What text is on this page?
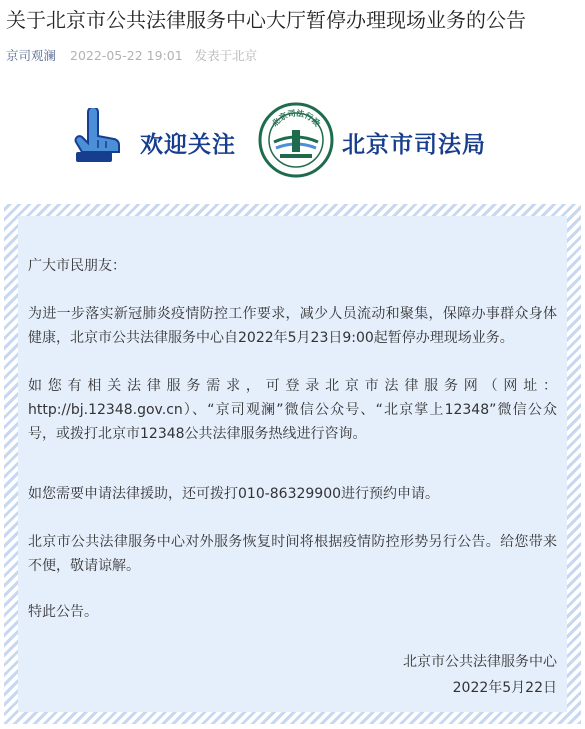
关于北京市公共法律服务中心大厅暂停办理现场业务的公告
京司观澜 2022-05-22 19:01 发表于北京
欢迎关注
北京司法行政
北京市司法局

广大市民朋友：

为进一步落实新冠肺炎疫情防控工作要求，减少人员流动和聚集，保障办事群众身体健康，北京市公共法律服务中心自2022年5月23日9:00起暂停办理现场业务。

如您有相关法律服务需求，可登录北京市法律服务网（网址：http://bj.12348.gov.cn）、“京司观澜”微信公众号、“北京掌上12348”微信公众号，或拨打北京市12348公共法律服务热线进行咨询。

如您需要申请法律援助，还可拨打010-86329900进行预约申请。

北京市公共法律服务中心对外服务恢复时间将根据疫情防控形势另行公告。给您带来不便，敬请谅解。

特此公告。

北京市公共法律服务中心

2022年5月22日
